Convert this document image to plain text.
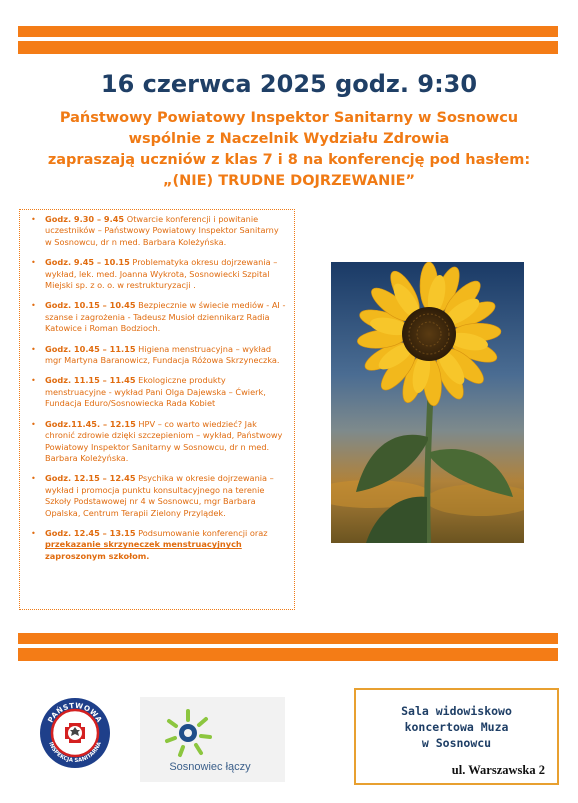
16 czerwca 2025 godz. 9:30
Państwowy Powiatowy Inspektor Sanitarny w Sosnowcu
wspólnie z Naczelnik Wydziału Zdrowia
zapraszają uczniów z klas 7 i 8 na konferencję pod hasłem:
„(NIE) TRUDNE DOJRZEWANIE”
• Godz. 9.30 – 9.45 Otwarcie konferencji i powitanie uczestników – Państwowy Powiatowy Inspektor Sanitarny w Sosnowcu, dr n med. Barbara Koleżyńska.
• Godz. 9.45 – 10.15 Problematyka okresu dojrzewania – wykład, lek. med. Joanna Wykrota, Sosnowiecki Szpital Miejski sp. z o. o. w restrukturyzacji .
• Godz. 10.15 – 10.45 Bezpiecznie w świecie mediów - AI - szanse i zagrożenia - Tadeusz Musioł dziennikarz Radia Katowice i Roman Bodzioch.
• Godz. 10.45 – 11.15 Higiena menstruacyjna – wykład mgr Martyna Baranowicz, Fundacja Różowa Skrzyneczka.
• Godz. 11.15 – 11.45 Ekologiczne produkty menstruacyjne - wykład Pani Olga Dajewska – Ćwierk, Fundacja Eduro/Sosnowiecka Rada Kobiet
• Godz.11.45. – 12.15 HPV – co warto wiedzieć? Jak chronić zdrowie dzięki szczepieniom – wykład, Państwowy Powiatowy Inspektor Sanitarny w Sosnowcu, dr n med. Barbara Koleżyńska.
• Godz. 12.15 – 12.45 Psychika w okresie dojrzewania – wykład i promocja punktu konsultacyjnego na terenie Szkoły Podstawowej nr 4 w Sosnowcu, mgr Barbara Opalska, Centrum Terapii Zielony Przylądek.
• Godz. 12.45 – 13.15 Podsumowanie konferencji oraz przekazanie skrzyneczek menstruacyjnych zaproszonym szkołom.
PAŃSTWOWA
INSPEKCJA SANITARNA
Sosnowiec łączy
Sala widowiskowo
koncertowa Muza
w Sosnowcu
ul. Warszawska 2
